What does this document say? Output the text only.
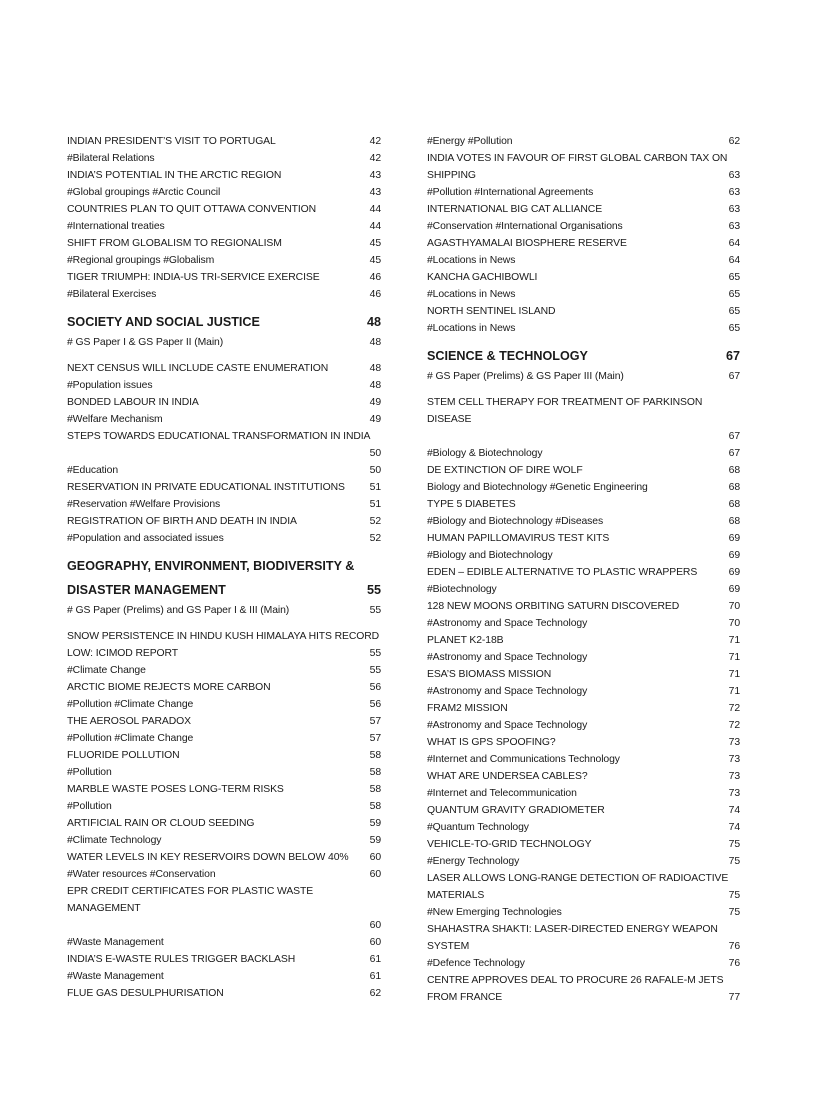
INDIAN PRESIDENT’S VISIT TO PORTUGAL	42
#Bilateral Relations	42
INDIA’S POTENTIAL IN THE ARCTIC REGION	43
#Global groupings #Arctic Council	43
COUNTRIES PLAN TO QUIT OTTAWA CONVENTION	44
#International treaties	44
SHIFT FROM GLOBALISM TO REGIONALISM	45
#Regional groupings #Globalism	45
TIGER TRIUMPH: INDIA-US TRI-SERVICE EXERCISE	46
#Bilateral Exercises	46
SOCIETY AND SOCIAL JUSTICE	48
# GS Paper I & GS Paper II (Main)	48
NEXT CENSUS WILL INCLUDE CASTE ENUMERATION	48
#Population issues	48
BONDED LABOUR IN INDIA	49
#Welfare Mechanism	49
STEPS TOWARDS EDUCATIONAL TRANSFORMATION IN INDIA
50
#Education	50
RESERVATION IN PRIVATE EDUCATIONAL INSTITUTIONS	51
#Reservation #Welfare Provisions	51
REGISTRATION OF BIRTH AND DEATH IN INDIA	52
#Population and associated issues	52
GEOGRAPHY, ENVIRONMENT, BIODIVERSITY &
DISASTER MANAGEMENT	55
# GS Paper (Prelims) and GS Paper I & III (Main)	55
SNOW PERSISTENCE IN HINDU KUSH HIMALAYA HITS RECORD
LOW: ICIMOD REPORT	55
#Climate Change	55
ARCTIC BIOME REJECTS MORE CARBON	56
#Pollution #Climate Change	56
THE AEROSOL PARADOX	57
#Pollution #Climate Change	57
FLUORIDE POLLUTION	58
#Pollution	58
MARBLE WASTE POSES LONG-TERM RISKS	58
#Pollution	58
ARTIFICIAL RAIN OR CLOUD SEEDING	59
#Climate Technology	59
WATER LEVELS IN KEY RESERVOIRS DOWN BELOW 40%	60
#Water resources #Conservation	60
EPR CREDIT CERTIFICATES FOR PLASTIC WASTE MANAGEMENT
60
#Waste Management	60
INDIA’S E-WASTE RULES TRIGGER BACKLASH	61
#Waste Management	61
FLUE GAS DESULPHURISATION	62
#Energy #Pollution	62
INDIA VOTES IN FAVOUR OF FIRST GLOBAL CARBON TAX ON
SHIPPING	63
#Pollution #International Agreements	63
INTERNATIONAL BIG CAT ALLIANCE	63
#Conservation #International Organisations	63
AGASTHYAMALAI BIOSPHERE RESERVE	64
#Locations in News	64
KANCHA GACHIBOWLI	65
#Locations in News	65
NORTH SENTINEL ISLAND	65
#Locations in News	65
SCIENCE & TECHNOLOGY	67
# GS Paper (Prelims) & GS Paper III (Main)	67
STEM CELL THERAPY FOR TREATMENT OF PARKINSON DISEASE
67
#Biology & Biotechnology	67
DE EXTINCTION OF DIRE WOLF	68
Biology and Biotechnology #Genetic Engineering	68
TYPE 5 DIABETES	68
#Biology and Biotechnology #Diseases	68
HUMAN PAPILLOMAVIRUS TEST KITS	69
#Biology and Biotechnology	69
EDEN – EDIBLE ALTERNATIVE TO PLASTIC WRAPPERS	69
#Biotechnology	69
128 NEW MOONS ORBITING SATURN DISCOVERED	70
#Astronomy and Space Technology	70
PLANET K2-18B	71
#Astronomy and Space Technology	71
ESA’S BIOMASS MISSION	71
#Astronomy and Space Technology	71
FRAM2 MISSION	72
#Astronomy and Space Technology	72
WHAT IS GPS SPOOFING?	73
#Internet and Communications Technology	73
WHAT ARE UNDERSEA CABLES?	73
#Internet and Telecommunication	73
QUANTUM GRAVITY GRADIOMETER	74
#Quantum Technology	74
VEHICLE-TO-GRID TECHNOLOGY	75
#Energy Technology	75
LASER ALLOWS LONG-RANGE DETECTION OF RADIOACTIVE
MATERIALS	75
#New Emerging Technologies	75
SHAHASTRA SHAKTI: LASER-DIRECTED ENERGY WEAPON
SYSTEM	76
#Defence Technology	76
CENTRE APPROVES DEAL TO PROCURE 26 RAFALE-M JETS
FROM FRANCE	77
